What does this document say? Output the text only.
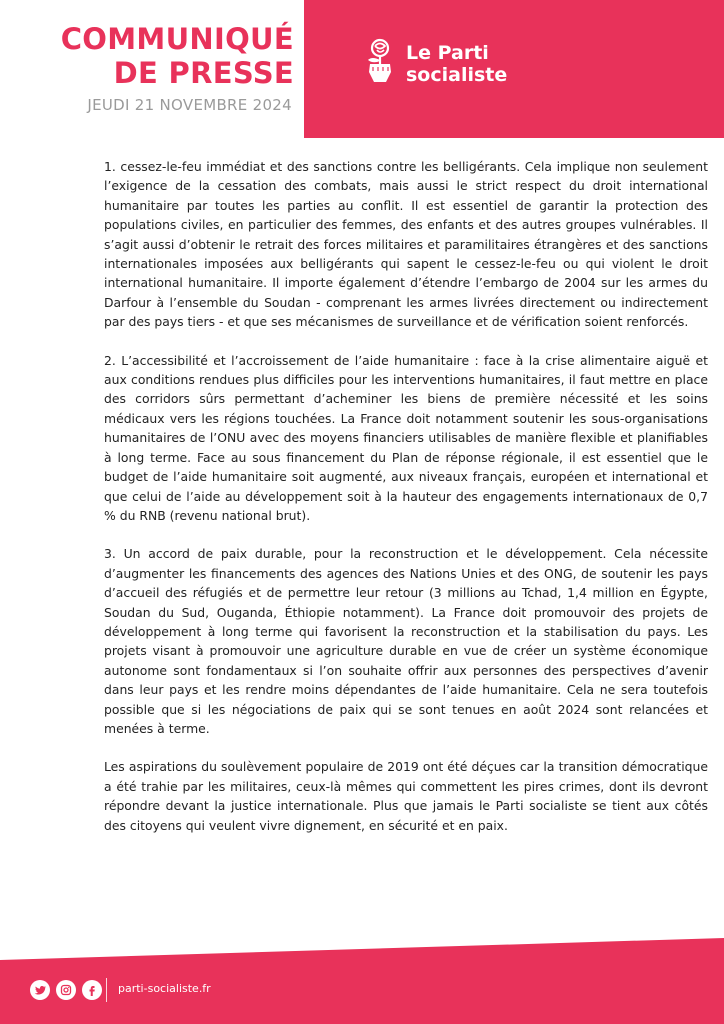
COMMUNIQUÉ
DE PRESSE
JEUDI 21 NOVEMBRE 2024
Le Parti
socialiste

1. cessez-le-feu immédiat et des sanctions contre les belligérants. Cela implique non seulement l’exigence de la cessation des combats, mais aussi le strict respect du droit international humanitaire par toutes les parties au conflit. Il est essentiel de garantir la protection des populations civiles, en particulier des femmes, des enfants et des autres groupes vulnérables. Il s’agit aussi d’obtenir le retrait des forces militaires et paramilitaires étrangères et des sanctions internationales imposées aux belligérants qui sapent le cessez-le-feu ou qui violent le droit international humanitaire. Il importe également d’étendre l’embargo de 2004 sur les armes du Darfour à l’ensemble du Soudan - comprenant les armes livrées directement ou indirectement par des pays tiers - et que ses mécanismes de surveillance et de vérification soient renforcés.

2. L’accessibilité et l’accroissement de l’aide humanitaire : face à la crise alimentaire aiguë et aux conditions rendues plus difficiles pour les interventions humanitaires, il faut mettre en place des corridors sûrs permettant d’acheminer les biens de première nécessité et les soins médicaux vers les régions touchées. La France doit notamment soutenir les sous-organisations humanitaires de l’ONU avec des moyens financiers utilisables de manière flexible et planifiables à long terme. Face au sous financement du Plan de réponse régionale, il est essentiel que le budget de l’aide humanitaire soit augmenté, aux niveaux français, européen et international et que celui de l’aide au développement soit à la hauteur des engagements internationaux de 0,7 % du RNB (revenu national brut).

3. Un accord de paix durable, pour la reconstruction et le développement. Cela nécessite d’augmenter les financements des agences des Nations Unies et des ONG, de soutenir les pays d’accueil des réfugiés et de permettre leur retour (3 millions au Tchad, 1,4 million en Égypte, Soudan du Sud, Ouganda, Éthiopie notamment). La France doit promouvoir des projets de développement à long terme qui favorisent la reconstruction et la stabilisation du pays. Les projets visant à promouvoir une agriculture durable en vue de créer un système économique autonome sont fondamentaux si l’on souhaite offrir aux personnes des perspectives d’avenir dans leur pays et les rendre moins dépendantes de l’aide humanitaire. Cela ne sera toutefois possible que si les négociations de paix qui se sont tenues en août 2024 sont relancées et menées à terme.

Les aspirations du soulèvement populaire de 2019 ont été déçues car la transition démocratique a été trahie par les militaires, ceux-là mêmes qui commettent les pires crimes, dont ils devront répondre devant la justice internationale. Plus que jamais le Parti socialiste se tient aux côtés des citoyens qui veulent vivre dignement, en sécurité et en paix.

parti-socialiste.fr
